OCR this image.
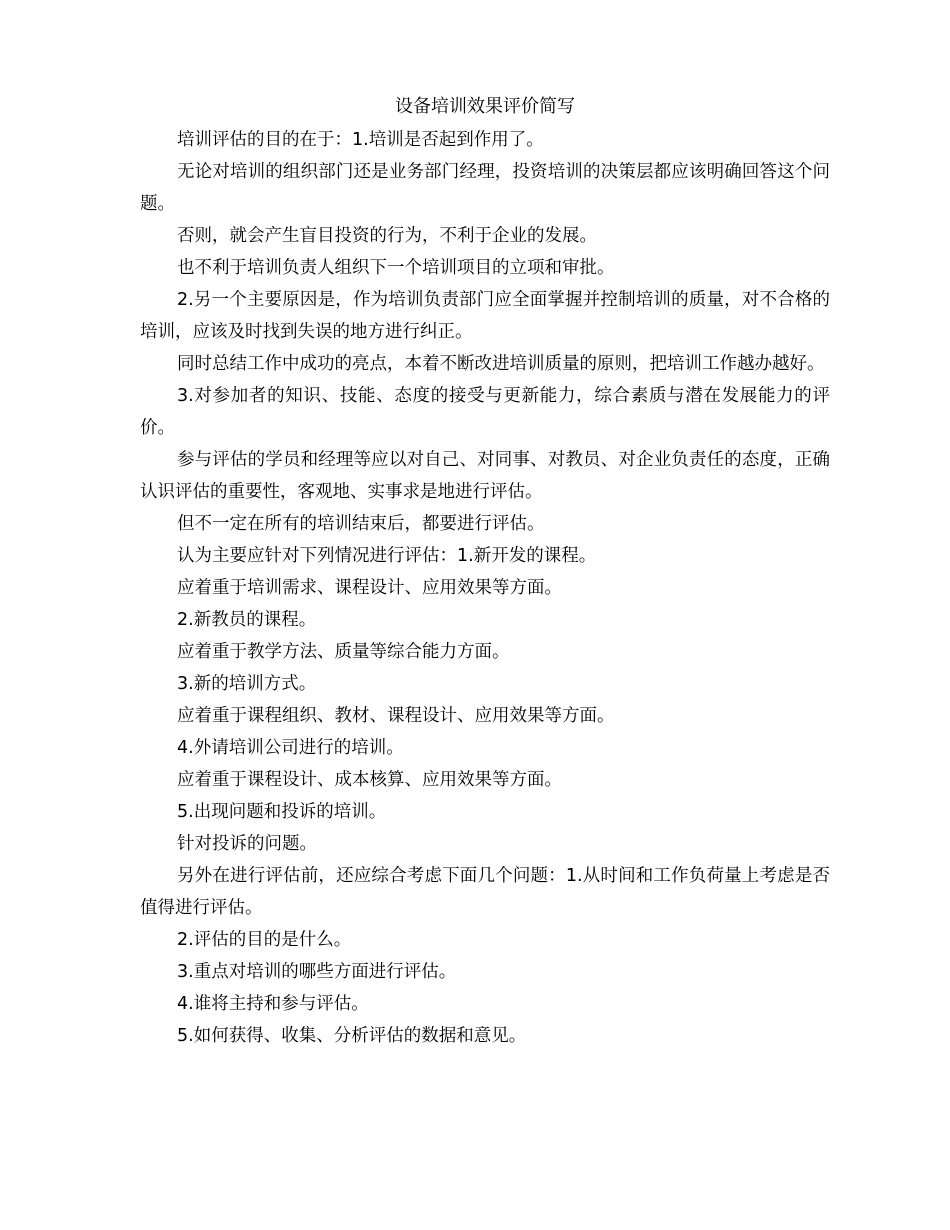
设备培训效果评价简写

培训评估的目的在于：1.培训是否起到作用了。

无论对培训的组织部门还是业务部门经理，投资培训的决策层都应该明确回答这个问题。

否则，就会产生盲目投资的行为，不利于企业的发展。

也不利于培训负责人组织下一个培训项目的立项和审批。

2.另一个主要原因是，作为培训负责部门应全面掌握并控制培训的质量，对不合格的培训，应该及时找到失误的地方进行纠正。

同时总结工作中成功的亮点，本着不断改进培训质量的原则，把培训工作越办越好。

3.对参加者的知识、技能、态度的接受与更新能力，综合素质与潜在发展能力的评价。

参与评估的学员和经理等应以对自己、对同事、对教员、对企业负责任的态度，正确认识评估的重要性，客观地、实事求是地进行评估。

但不一定在所有的培训结束后，都要进行评估。

认为主要应针对下列情况进行评估：1.新开发的课程。

应着重于培训需求、课程设计、应用效果等方面。

2.新教员的课程。

应着重于教学方法、质量等综合能力方面。

3.新的培训方式。

应着重于课程组织、教材、课程设计、应用效果等方面。

4.外请培训公司进行的培训。

应着重于课程设计、成本核算、应用效果等方面。

5.出现问题和投诉的培训。

针对投诉的问题。

另外在进行评估前，还应综合考虑下面几个问题：1.从时间和工作负荷量上考虑是否值得进行评估。

2.评估的目的是什么。

3.重点对培训的哪些方面进行评估。

4.谁将主持和参与评估。

5.如何获得、收集、分析评估的数据和意见。
